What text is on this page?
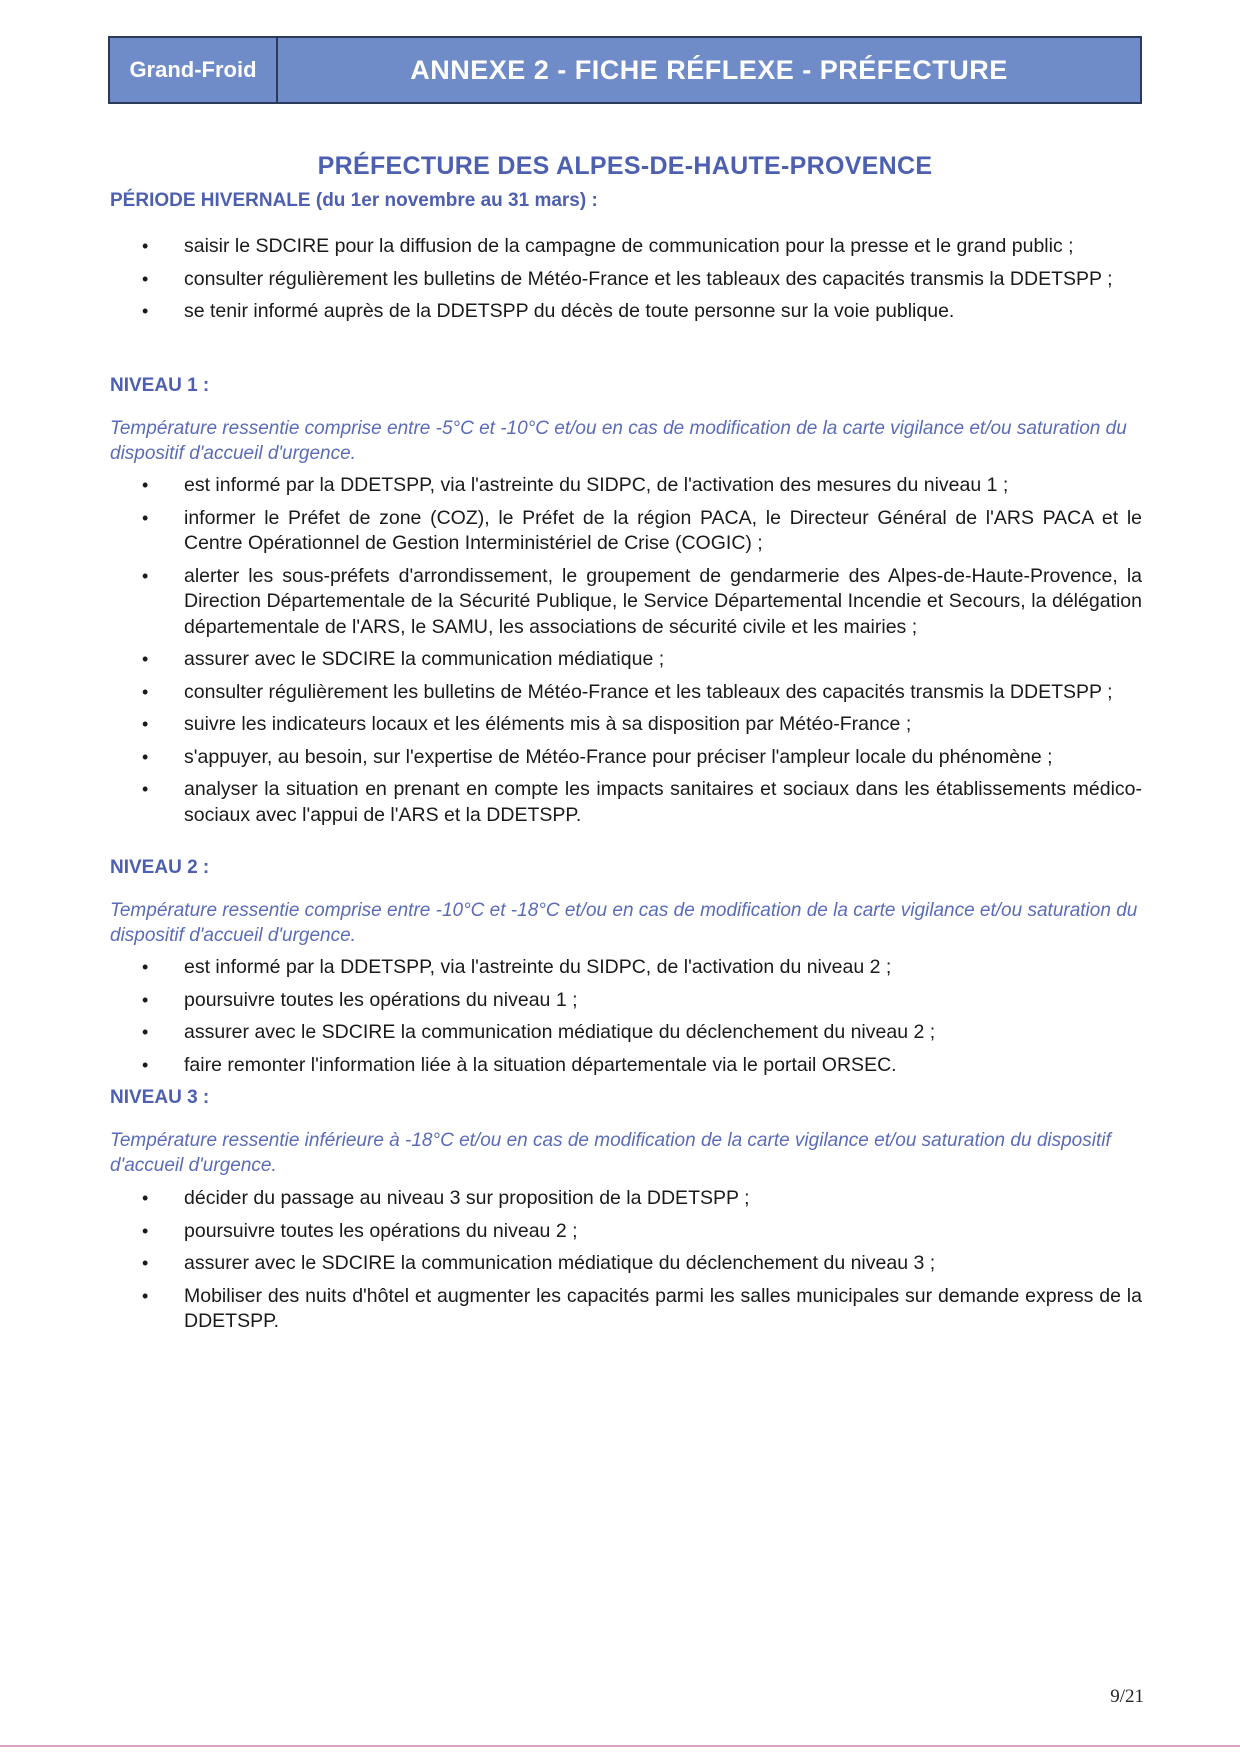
Grand-Froid	ANNEXE 2 - FICHE RÉFLEXE - PRÉFECTURE
PRÉFECTURE DES ALPES-DE-HAUTE-PROVENCE
PÉRIODE HIVERNALE (du 1er novembre au 31 mars) :
• saisir le SDCIRE pour la diffusion de la campagne de communication pour la presse et le grand public ;
• consulter régulièrement les bulletins de Météo-France et les tableaux des capacités transmis la DDETSPP ;
• se tenir informé auprès de la DDETSPP du décès de toute personne sur la voie publique.
NIVEAU 1 :
Température ressentie comprise entre -5°C et -10°C et/ou en cas de modification de la carte vigilance et/ou saturation du dispositif d'accueil d'urgence.
• est informé par la DDETSPP, via l'astreinte du SIDPC, de l'activation des mesures du niveau 1 ;
• informer le Préfet de zone (COZ), le Préfet de la région PACA, le Directeur Général de l'ARS PACA et le Centre Opérationnel de Gestion Interministériel de Crise (COGIC) ;
• alerter les sous-préfets d'arrondissement, le groupement de gendarmerie des Alpes-de-Haute-Provence, la Direction Départementale de la Sécurité Publique, le Service Départemental Incendie et Secours, la délégation départementale de l'ARS, le SAMU, les associations de sécurité civile et les mairies ;
• assurer avec le SDCIRE la communication médiatique ;
• consulter régulièrement les bulletins de Météo-France et les tableaux des capacités transmis la DDETSPP ;
• suivre les indicateurs locaux et les éléments mis à sa disposition par Météo-France ;
• s'appuyer, au besoin, sur l'expertise de Météo-France pour préciser l'ampleur locale du phénomène ;
• analyser la situation en prenant en compte les impacts sanitaires et sociaux dans les établissements médico-sociaux avec l'appui de l'ARS et la DDETSPP.
NIVEAU 2 :
Température ressentie comprise entre -10°C et -18°C et/ou en cas de modification de la carte vigilance et/ou saturation du dispositif d'accueil d'urgence.
• est informé par la DDETSPP, via l'astreinte du SIDPC, de l'activation du niveau 2 ;
• poursuivre toutes les opérations du niveau 1 ;
• assurer avec le SDCIRE la communication médiatique du déclenchement du niveau 2 ;
• faire remonter l'information liée à la situation départementale via le portail ORSEC.
NIVEAU 3 :
Température ressentie inférieure à -18°C et/ou en cas de modification de la carte vigilance et/ou saturation du dispositif d'accueil d'urgence.
• décider du passage au niveau 3 sur proposition de la DDETSPP ;
• poursuivre toutes les opérations du niveau 2 ;
• assurer avec le SDCIRE la communication médiatique du déclenchement du niveau 3 ;
• Mobiliser des nuits d'hôtel et augmenter les capacités parmi les salles municipales sur demande express de la DDETSPP.
9/21
